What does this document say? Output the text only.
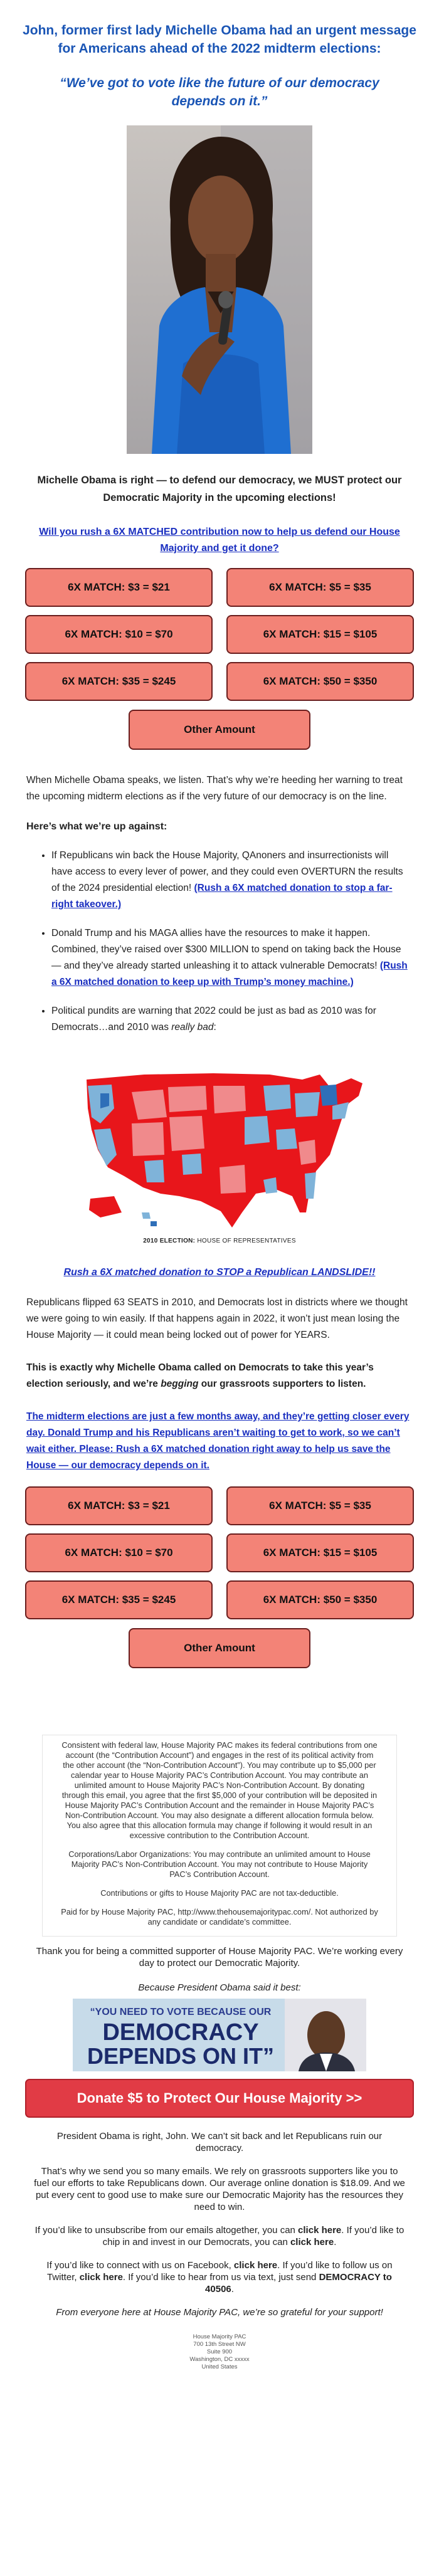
John, former first lady Michelle Obama had an urgent message for Americans ahead of the 2022 midterm elections:

“We’ve got to vote like the future of our democracy depends on it.”

Michelle Obama is right — to defend our democracy, we MUST protect our Democratic Majority in the upcoming elections!

Will you rush a 6X MATCHED contribution now to help us defend our House Majority and get it done?

6X MATCH: $3 = $21	6X MATCH: $5 = $35
6X MATCH: $10 = $70	6X MATCH: $15 = $105
6X MATCH: $35 = $245	6X MATCH: $50 = $350
Other Amount

When Michelle Obama speaks, we listen. That’s why we’re heeding her warning to treat the upcoming midterm elections as if the very future of our democracy is on the line.

Here’s what we’re up against:

• If Republicans win back the House Majority, QAnoners and insurrectionists will have access to every lever of power, and they could even OVERTURN the results of the 2024 presidential election! (Rush a 6X matched donation to stop a far-right takeover.)
• Donald Trump and his MAGA allies have the resources to make it happen. Combined, they’ve raised over $300 MILLION to spend on taking back the House — and they’ve already started unleashing it to attack vulnerable Democrats! (Rush a 6X matched donation to keep up with Trump’s money machine.)
• Political pundits are warning that 2022 could be just as bad as 2010 was for Democrats…and 2010 was really bad:
2010 ELECTION: HOUSE OF REPRESENTATIVES

Rush a 6X matched donation to STOP a Republican LANDSLIDE!!

Republicans flipped 63 SEATS in 2010, and Democrats lost in districts where we thought we were going to win easily. If that happens again in 2022, it won’t just mean losing the House Majority — it could mean being locked out of power for YEARS.

This is exactly why Michelle Obama called on Democrats to take this year’s election seriously, and we’re begging our grassroots supporters to listen.

The midterm elections are just a few months away, and they’re getting closer every day. Donald Trump and his Republicans aren’t waiting to get to work, so we can’t wait either. Please: Rush a 6X matched donation right away to help us save the House — our democracy depends on it.

6X MATCH: $3 = $21	6X MATCH: $5 = $35
6X MATCH: $10 = $70	6X MATCH: $15 = $105
6X MATCH: $35 = $245	6X MATCH: $50 = $350
Other Amount

Consistent with federal law, House Majority PAC makes its federal contributions from one account (the “Contribution Account”) and engages in the rest of its political activity from the other account (the “Non-Contribution Account”). You may contribute up to $5,000 per calendar year to House Majority PAC’s Contribution Account. You may contribute an unlimited amount to House Majority PAC’s Non-Contribution Account. By donating through this email, you agree that the first $5,000 of your contribution will be deposited in House Majority PAC’s Contribution Account and the remainder in House Majority PAC’s Non-Contribution Account. You may also designate a different allocation formula below. You also agree that this allocation formula may change if following it would result in an excessive contribution to the Contribution Account.

Corporations/Labor Organizations: You may contribute an unlimited amount to House Majority PAC’s Non-Contribution Account. You may not contribute to House Majority PAC’s Contribution Account.

Contributions or gifts to House Majority PAC are not tax-deductible.

Paid for by House Majority PAC, http://www.thehousemajoritypac.com/. Not authorized by any candidate or candidate’s committee.

Thank you for being a committed supporter of House Majority PAC. We’re working every day to protect our Democratic Majority.

Because President Obama said it best:

“YOU NEED TO VOTE BECAUSE OUR
DEMOCRACY
DEPENDS ON IT”
Donate $5 to Protect Our House Majority >>

President Obama is right, John. We can’t sit back and let Republicans ruin our democracy.

That’s why we send you so many emails. We rely on grassroots supporters like you to fuel our efforts to take Republicans down. Our average online donation is $18.09. And we put every cent to good use to make sure our Democratic Majority has the resources they need to win.

If you’d like to unsubscribe from our emails altogether, you can click here. If you’d like to chip in and invest in our Democrats, you can click here.

If you’d like to connect with us on Facebook, click here. If you’d like to follow us on Twitter, click here. If you’d like to hear from us via text, just send DEMOCRACY to 40506.

From everyone here at House Majority PAC, we’re so grateful for your support!

House Majority PAC
700 13th Street NW
Suite 900
Washington, DC xxxxx
United States
